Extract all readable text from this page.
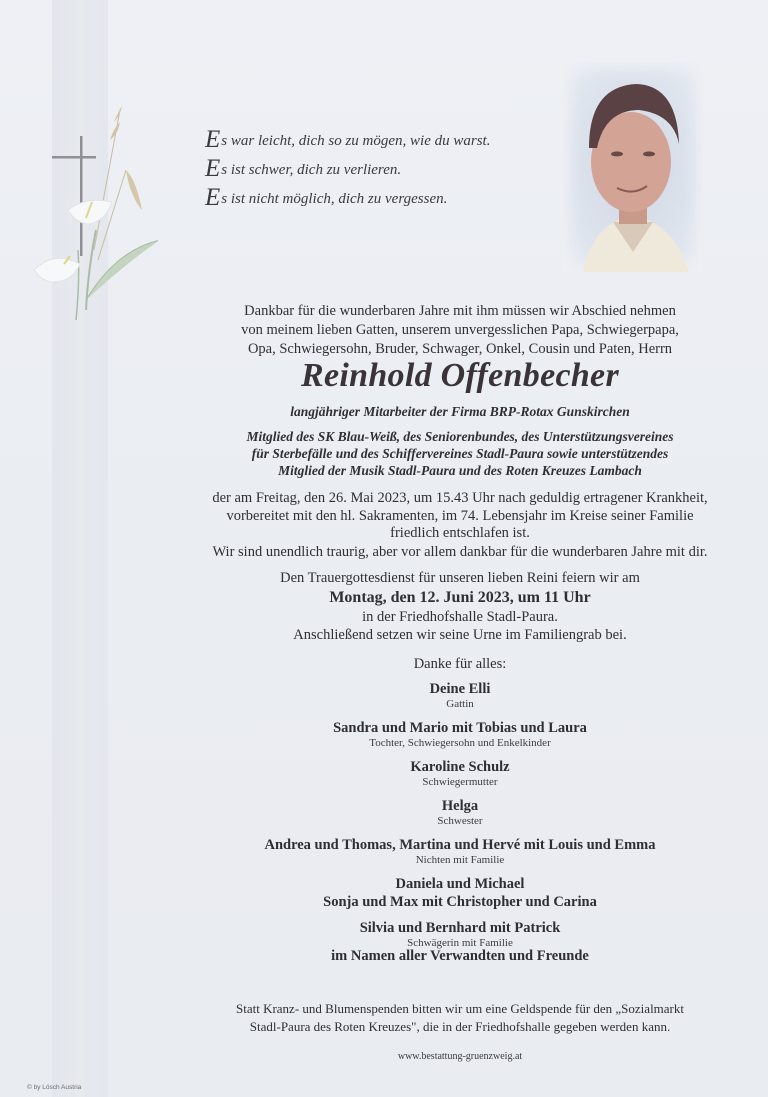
Es war leicht, dich so zu mögen, wie du warst.
Es ist schwer, dich zu verlieren.
Es ist nicht möglich, dich zu vergessen.
Dankbar für die wunderbaren Jahre mit ihm müssen wir Abschied nehmen
von meinem lieben Gatten, unserem unvergesslichen Papa, Schwiegerpapa,
Opa, Schwiegersohn, Bruder, Schwager, Onkel, Cousin und Paten, Herrn
Reinhold Offenbecher
langjähriger Mitarbeiter der Firma BRP-Rotax Gunskirchen
Mitglied des SK Blau-Weiß, des Seniorenbundes, des Unterstützungsvereines
für Sterbefälle und des Schiffervereines Stadl-Paura sowie unterstützendes
Mitglied der Musik Stadl-Paura und des Roten Kreuzes Lambach
der am Freitag, den 26. Mai 2023, um 15.43 Uhr nach geduldig ertragener Krankheit,
vorbereitet mit den hl. Sakramenten, im 74. Lebensjahr im Kreise seiner Familie
friedlich entschlafen ist.
Wir sind unendlich traurig, aber vor allem dankbar für die wunderbaren Jahre mit dir.
Den Trauergottesdienst für unseren lieben Reini feiern wir am
Montag, den 12. Juni 2023, um 11 Uhr
in der Friedhofshalle Stadl-Paura.
Anschließend setzen wir seine Urne im Familiengrab bei.
Danke für alles:
Deine Elli
Gattin
Sandra und Mario mit Tobias und Laura
Tochter, Schwiegersohn und Enkelkinder
Karoline Schulz
Schwiegermutter
Helga
Schwester
Andrea und Thomas, Martina und Hervé mit Louis und Emma
Nichten mit Familie
Daniela und Michael
Sonja und Max mit Christopher und Carina
Silvia und Bernhard mit Patrick
Schwägerin mit Familie
im Namen aller Verwandten und Freunde
Statt Kranz- und Blumenspenden bitten wir um eine Geldspende für den „Sozialmarkt
Stadl-Paura des Roten Kreuzes", die in der Friedhofshalle gegeben werden kann.
www.bestattung-gruenzweig.at
© by Lösch Austria
